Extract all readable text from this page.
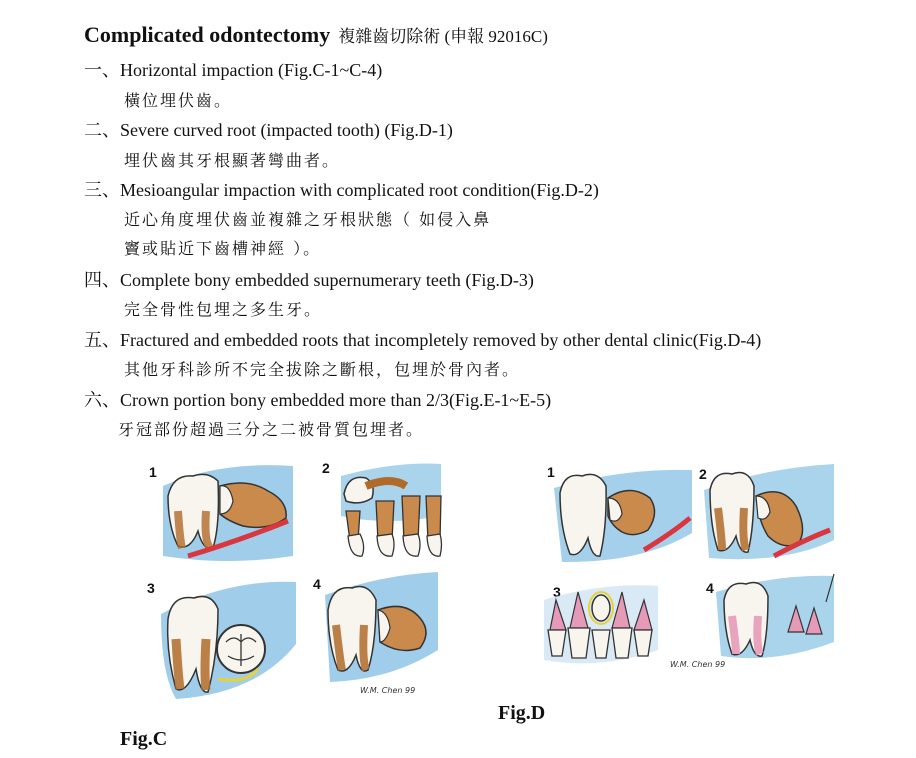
Complicated odontectomy 複雜齒切除術 (申報 92016C)
一、Horizontal impaction (Fig.C-1~C-4)
橫位埋伏齒。
二、Severe curved root (impacted tooth) (Fig.D-1)
埋伏齒其牙根顯著彎曲者。
三、Mesioangular impaction with complicated root condition(Fig.D-2)
近心角度埋伏齒並複雜之牙根狀態（ 如侵入鼻
竇或貼近下齒槽神經 ）。
四、Complete bony embedded supernumerary teeth (Fig.D-3)
完全骨性包埋之多生牙。
五、Fractured and embedded roots that incompletely removed by other dental clinic(Fig.D-4)
其他牙科診所不完全拔除之斷根，包埋於骨內者。
六、Crown portion bony embedded more than 2/3(Fig.E-1~E-5)
牙冠部份超過三分之二被骨質包埋者。
1	2
3	4
W.M. Chen 99
Fig.C
1	2
3	4
W.M. Chen 99
Fig.D
